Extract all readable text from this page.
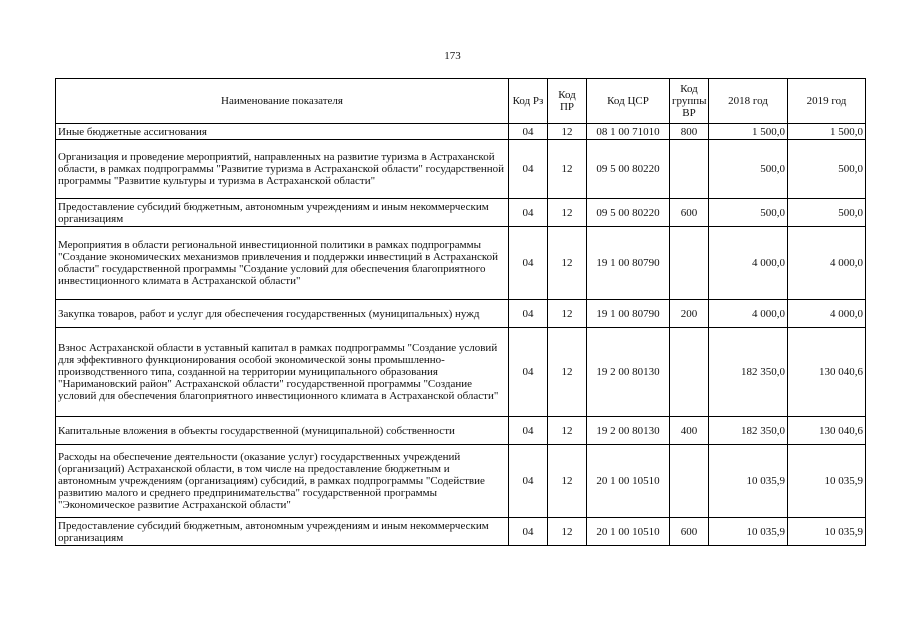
173
Наименование показателя	Код Рз	Код ПР	Код ЦСР	Код группы ВР	2018 год	2019 год
Иные бюджетные ассигнования	04	12	08 1 00 71010	800	1 500,0	1 500,0
Организация и проведение мероприятий, направленных на развитие туризма в Астраханской области, в рамках подпрограммы "Развитие туризма в Астраханской области" государственной программы "Развитие культуры и туризма в Астраханской области"	04	12	09 5 00 80220		500,0	500,0
Предоставление субсидий бюджетным, автономным учреждениям и иным некоммерческим организациям	04	12	09 5 00 80220	600	500,0	500,0
Мероприятия в области региональной инвестиционной политики в рамках подпрограммы "Создание экономических механизмов привлечения и поддержки инвестиций в Астраханской области" государственной программы "Создание условий для обеспечения благоприятного инвестиционного климата в Астраханской области"	04	12	19 1 00 80790		4 000,0	4 000,0
Закупка товаров, работ и услуг для обеспечения государственных (муниципальных) нужд	04	12	19 1 00 80790	200	4 000,0	4 000,0
Взнос Астраханской области в уставный капитал в рамках подпрограммы "Создание условий для эффективного функционирования особой экономической зоны промышленно-производственного типа, созданной на территории муниципального образования "Наримановский район" Астраханской области" государственной программы "Создание условий для обеспечения благоприятного инвестиционного климата в Астраханской области"	04	12	19 2 00 80130		182 350,0	130 040,6
Капитальные вложения в объекты государственной (муниципальной) собственности	04	12	19 2 00 80130	400	182 350,0	130 040,6
Расходы на обеспечение деятельности (оказание услуг) государственных учреждений (организаций) Астраханской области, в том числе на предоставление бюджетным и автономным учреждениям (организациям) субсидий, в рамках подпрограммы "Содействие развитию малого и среднего предпринимательства" государственной программы "Экономическое развитие Астраханской области"	04	12	20 1 00 10510		10 035,9	10 035,9
Предоставление субсидий бюджетным, автономным учреждениям и иным некоммерческим организациям	04	12	20 1 00 10510	600	10 035,9	10 035,9
